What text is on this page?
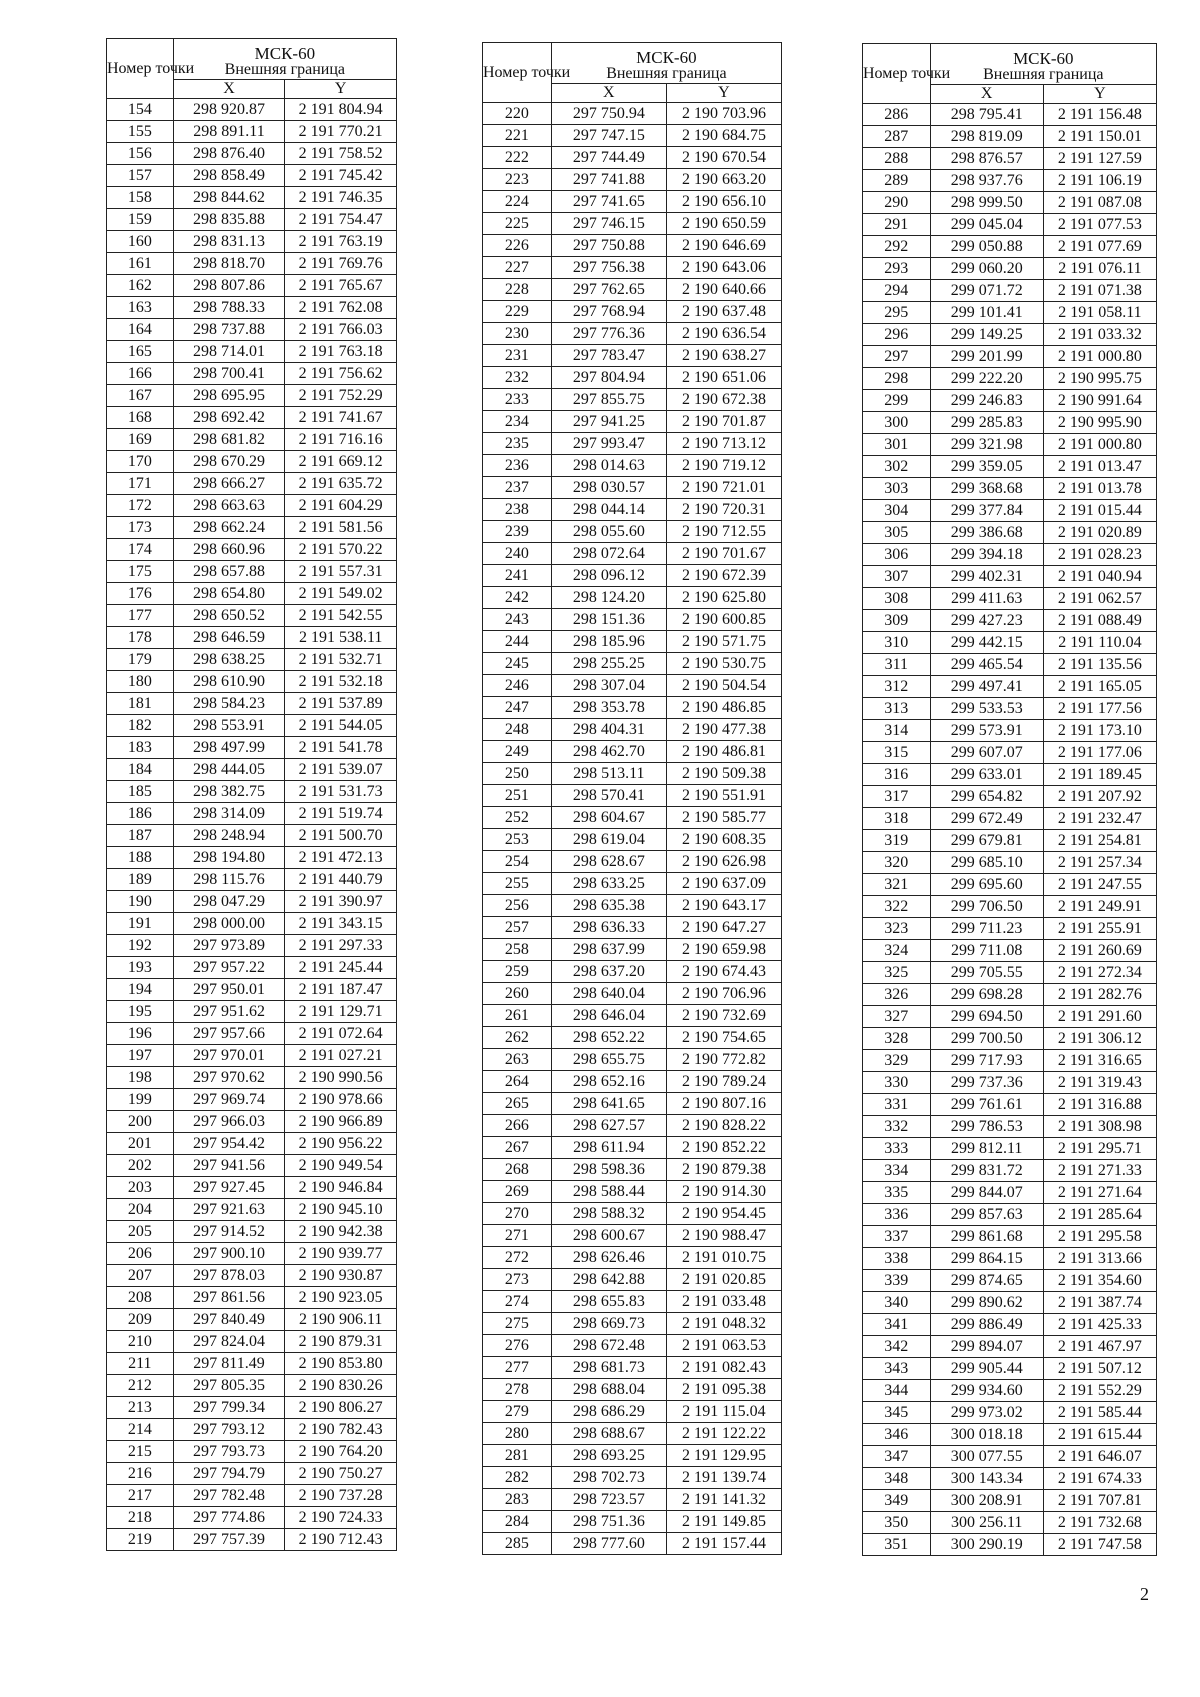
Номер точки	МСК-60	
	Внешняя граница	
	X	Y
154	298 920.87	2 191 804.94
155	298 891.11	2 191 770.21
156	298 876.40	2 191 758.52
157	298 858.49	2 191 745.42
158	298 844.62	2 191 746.35
159	298 835.88	2 191 754.47
160	298 831.13	2 191 763.19
161	298 818.70	2 191 769.76
162	298 807.86	2 191 765.67
163	298 788.33	2 191 762.08
164	298 737.88	2 191 766.03
165	298 714.01	2 191 763.18
166	298 700.41	2 191 756.62
167	298 695.95	2 191 752.29
168	298 692.42	2 191 741.67
169	298 681.82	2 191 716.16
170	298 670.29	2 191 669.12
171	298 666.27	2 191 635.72
172	298 663.63	2 191 604.29
173	298 662.24	2 191 581.56
174	298 660.96	2 191 570.22
175	298 657.88	2 191 557.31
176	298 654.80	2 191 549.02
177	298 650.52	2 191 542.55
178	298 646.59	2 191 538.11
179	298 638.25	2 191 532.71
180	298 610.90	2 191 532.18
181	298 584.23	2 191 537.89
182	298 553.91	2 191 544.05
183	298 497.99	2 191 541.78
184	298 444.05	2 191 539.07
185	298 382.75	2 191 531.73
186	298 314.09	2 191 519.74
187	298 248.94	2 191 500.70
188	298 194.80	2 191 472.13
189	298 115.76	2 191 440.79
190	298 047.29	2 191 390.97
191	298 000.00	2 191 343.15
192	297 973.89	2 191 297.33
193	297 957.22	2 191 245.44
194	297 950.01	2 191 187.47
195	297 951.62	2 191 129.71
196	297 957.66	2 191 072.64
197	297 970.01	2 191 027.21
198	297 970.62	2 190 990.56
199	297 969.74	2 190 978.66
200	297 966.03	2 190 966.89
201	297 954.42	2 190 956.22
202	297 941.56	2 190 949.54
203	297 927.45	2 190 946.84
204	297 921.63	2 190 945.10
205	297 914.52	2 190 942.38
206	297 900.10	2 190 939.77
207	297 878.03	2 190 930.87
208	297 861.56	2 190 923.05
209	297 840.49	2 190 906.11
210	297 824.04	2 190 879.31
211	297 811.49	2 190 853.80
212	297 805.35	2 190 830.26
213	297 799.34	2 190 806.27
214	297 793.12	2 190 782.43
215	297 793.73	2 190 764.20
216	297 794.79	2 190 750.27
217	297 782.48	2 190 737.28
218	297 774.86	2 190 724.33
219	297 757.39	2 190 712.43
Номер точки	МСК-60	
	Внешняя граница	
	X	Y
220	297 750.94	2 190 703.96
221	297 747.15	2 190 684.75
222	297 744.49	2 190 670.54
223	297 741.88	2 190 663.20
224	297 741.65	2 190 656.10
225	297 746.15	2 190 650.59
226	297 750.88	2 190 646.69
227	297 756.38	2 190 643.06
228	297 762.65	2 190 640.66
229	297 768.94	2 190 637.48
230	297 776.36	2 190 636.54
231	297 783.47	2 190 638.27
232	297 804.94	2 190 651.06
233	297 855.75	2 190 672.38
234	297 941.25	2 190 701.87
235	297 993.47	2 190 713.12
236	298 014.63	2 190 719.12
237	298 030.57	2 190 721.01
238	298 044.14	2 190 720.31
239	298 055.60	2 190 712.55
240	298 072.64	2 190 701.67
241	298 096.12	2 190 672.39
242	298 124.20	2 190 625.80
243	298 151.36	2 190 600.85
244	298 185.96	2 190 571.75
245	298 255.25	2 190 530.75
246	298 307.04	2 190 504.54
247	298 353.78	2 190 486.85
248	298 404.31	2 190 477.38
249	298 462.70	2 190 486.81
250	298 513.11	2 190 509.38
251	298 570.41	2 190 551.91
252	298 604.67	2 190 585.77
253	298 619.04	2 190 608.35
254	298 628.67	2 190 626.98
255	298 633.25	2 190 637.09
256	298 635.38	2 190 643.17
257	298 636.33	2 190 647.27
258	298 637.99	2 190 659.98
259	298 637.20	2 190 674.43
260	298 640.04	2 190 706.96
261	298 646.04	2 190 732.69
262	298 652.22	2 190 754.65
263	298 655.75	2 190 772.82
264	298 652.16	2 190 789.24
265	298 641.65	2 190 807.16
266	298 627.57	2 190 828.22
267	298 611.94	2 190 852.22
268	298 598.36	2 190 879.38
269	298 588.44	2 190 914.30
270	298 588.32	2 190 954.45
271	298 600.67	2 190 988.47
272	298 626.46	2 191 010.75
273	298 642.88	2 191 020.85
274	298 655.83	2 191 033.48
275	298 669.73	2 191 048.32
276	298 672.48	2 191 063.53
277	298 681.73	2 191 082.43
278	298 688.04	2 191 095.38
279	298 686.29	2 191 115.04
280	298 688.67	2 191 122.22
281	298 693.25	2 191 129.95
282	298 702.73	2 191 139.74
283	298 723.57	2 191 141.32
284	298 751.36	2 191 149.85
285	298 777.60	2 191 157.44
Номер точки	МСК-60	
	Внешняя граница	
	X	Y
286	298 795.41	2 191 156.48
287	298 819.09	2 191 150.01
288	298 876.57	2 191 127.59
289	298 937.76	2 191 106.19
290	298 999.50	2 191 087.08
291	299 045.04	2 191 077.53
292	299 050.88	2 191 077.69
293	299 060.20	2 191 076.11
294	299 071.72	2 191 071.38
295	299 101.41	2 191 058.11
296	299 149.25	2 191 033.32
297	299 201.99	2 191 000.80
298	299 222.20	2 190 995.75
299	299 246.83	2 190 991.64
300	299 285.83	2 190 995.90
301	299 321.98	2 191 000.80
302	299 359.05	2 191 013.47
303	299 368.68	2 191 013.78
304	299 377.84	2 191 015.44
305	299 386.68	2 191 020.89
306	299 394.18	2 191 028.23
307	299 402.31	2 191 040.94
308	299 411.63	2 191 062.57
309	299 427.23	2 191 088.49
310	299 442.15	2 191 110.04
311	299 465.54	2 191 135.56
312	299 497.41	2 191 165.05
313	299 533.53	2 191 177.56
314	299 573.91	2 191 173.10
315	299 607.07	2 191 177.06
316	299 633.01	2 191 189.45
317	299 654.82	2 191 207.92
318	299 672.49	2 191 232.47
319	299 679.81	2 191 254.81
320	299 685.10	2 191 257.34
321	299 695.60	2 191 247.55
322	299 706.50	2 191 249.91
323	299 711.23	2 191 255.91
324	299 711.08	2 191 260.69
325	299 705.55	2 191 272.34
326	299 698.28	2 191 282.76
327	299 694.50	2 191 291.60
328	299 700.50	2 191 306.12
329	299 717.93	2 191 316.65
330	299 737.36	2 191 319.43
331	299 761.61	2 191 316.88
332	299 786.53	2 191 308.98
333	299 812.11	2 191 295.71
334	299 831.72	2 191 271.33
335	299 844.07	2 191 271.64
336	299 857.63	2 191 285.64
337	299 861.68	2 191 295.58
338	299 864.15	2 191 313.66
339	299 874.65	2 191 354.60
340	299 890.62	2 191 387.74
341	299 886.49	2 191 425.33
342	299 894.07	2 191 467.97
343	299 905.44	2 191 507.12
344	299 934.60	2 191 552.29
345	299 973.02	2 191 585.44
346	300 018.18	2 191 615.44
347	300 077.55	2 191 646.07
348	300 143.34	2 191 674.33
349	300 208.91	2 191 707.81
350	300 256.11	2 191 732.68
351	300 290.19	2 191 747.58
2
